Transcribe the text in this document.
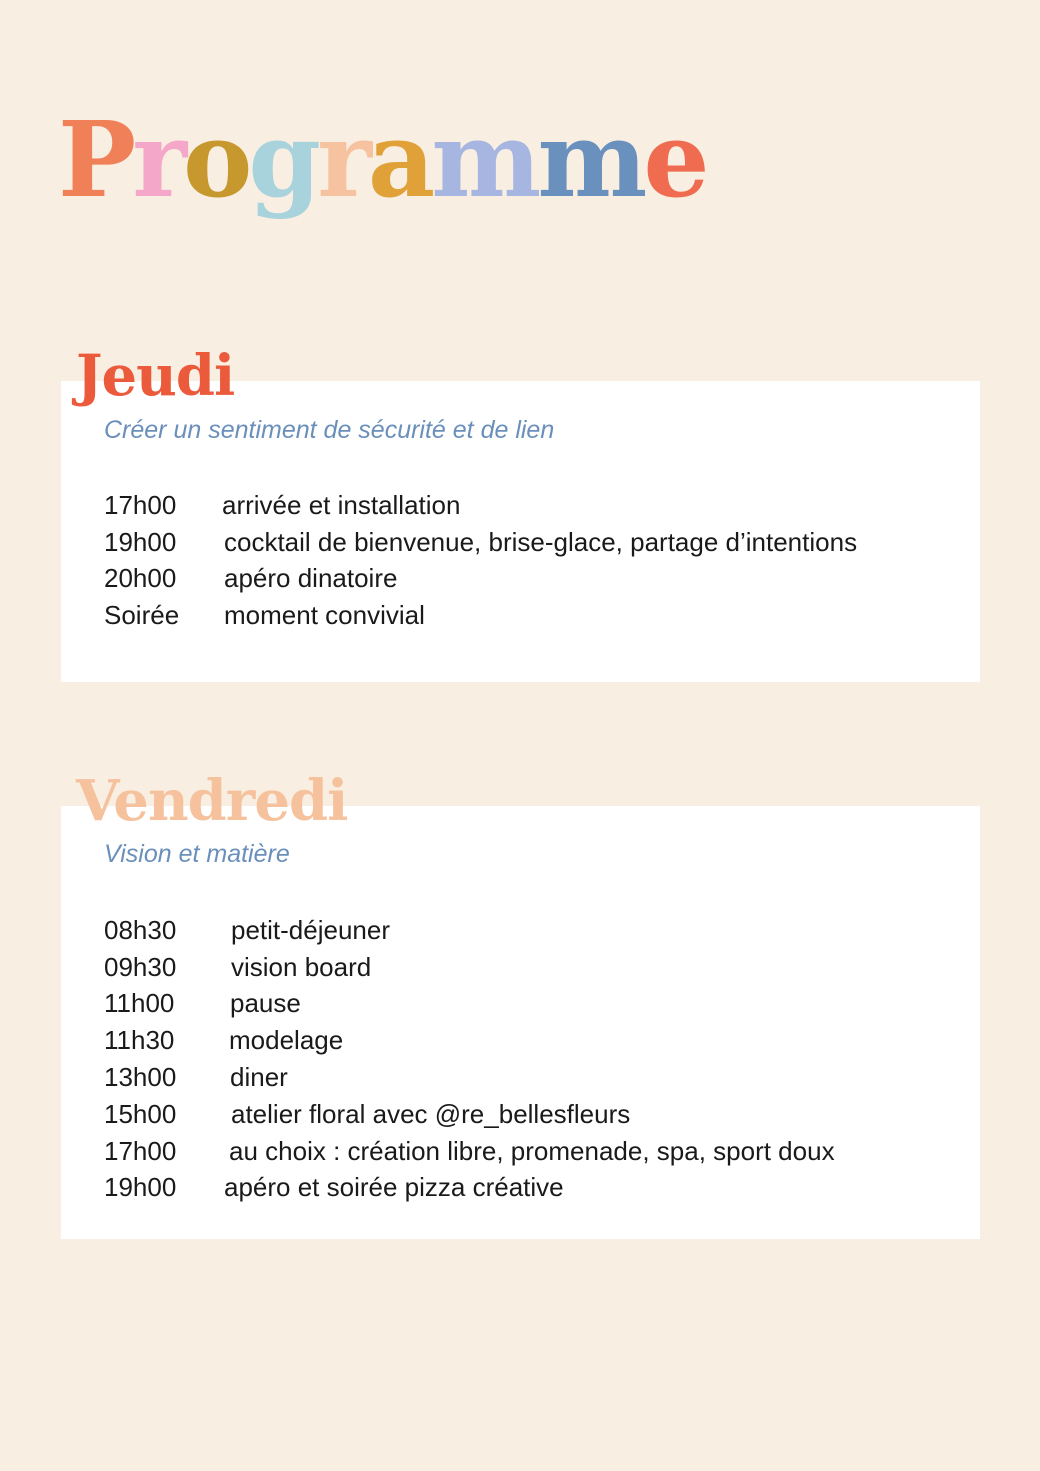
Programme
Jeudi

Créer un sentiment de sécurité et de lien

17h00	arrivée et installation
19h00	cocktail de bienvenue, brise-glace, partage d’intentions
20h00	apéro dinatoire
Soirée	moment convivial
Vendredi

Vision et matière

08h30	petit-déjeuner
09h30	vision board
11h00	pause
11h30	modelage
13h00	diner
15h00	atelier floral avec @re_bellesfleurs
17h00	au choix : création libre, promenade, spa, sport doux
19h00	apéro et soirée pizza créative
